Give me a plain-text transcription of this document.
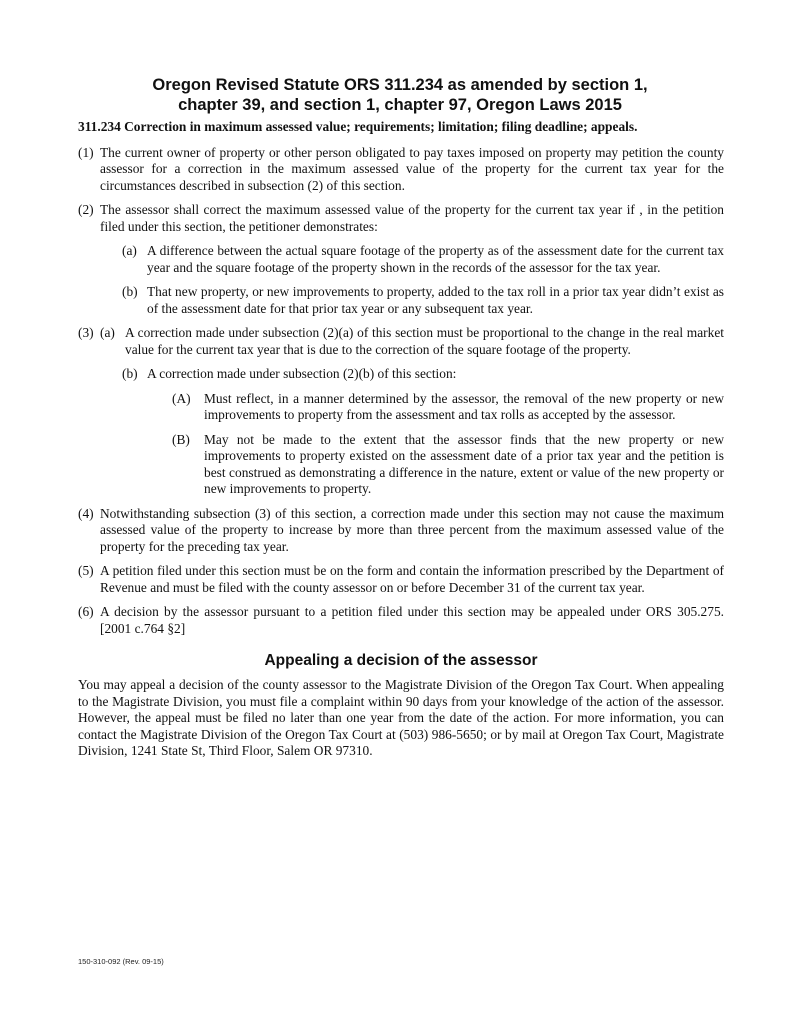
Oregon Revised Statute ORS 311.234 as amended by section 1,
chapter 39, and section 1, chapter 97, Oregon Laws 2015
311.234 Correction in maximum assessed value; requirements; limitation; filing deadline; appeals.
(1) The current owner of property or other person obligated to pay taxes imposed on property may petition the county assessor for a correction in the maximum assessed value of the property for the current tax year for the circumstances described in subsection (2) of this section.

(2) The assessor shall correct the maximum assessed value of the property for the current tax year if , in the petition filed under this section, the petitioner demonstrates:

(a) A difference between the actual square footage of the property as of the assessment date for the current tax year and the square footage of the property shown in the records of the assessor for the tax year.

(b) That new property, or new improvements to property, added to the tax roll in a prior tax year didn’t exist as of the assessment date for that prior tax year or any subsequent tax year.

(3) (a) A correction made under subsection (2)(a) of this section must be proportional to the change in the real market value for the current tax year that is due to the correction of the square footage of the property.

(b) A correction made under subsection (2)(b) of this section:

(A) Must reflect, in a manner determined by the assessor, the removal of the new property or new improvements to property from the assessment and tax rolls as accepted by the assessor.

(B) May not be made to the extent that the assessor finds that the new property or new improvements to property existed on the assessment date of a prior tax year and the petition is best construed as demonstrating a difference in the nature, extent or value of the new property or new improvements to property.

(4) Notwithstanding subsection (3) of this section, a correction made under this section may not cause the maximum assessed value of the property to increase by more than three percent from the maximum assessed value of the property for the preceding tax year.

(5) A petition filed under this section must be on the form and contain the information prescribed by the Department of Revenue and must be filed with the county assessor on or before December 31 of the current tax year.

(6) A decision by the assessor pursuant to a petition filed under this section may be appealed under ORS 305.275. [2001 c.764 §2]

Appealing a decision of the assessor

You may appeal a decision of the county assessor to the Magistrate Division of the Oregon Tax Court. When appealing to the Magistrate Division, you must file a complaint within 90 days from your knowledge of the action of the assessor. However, the appeal must be filed no later than one year from the date of the action. For more information, you can contact the Magistrate Division of the Oregon Tax Court at (503) 986-5650; or by mail at Oregon Tax Court, Magistrate Division, 1241 State St, Third Floor, Salem OR 97310.

150-310-092 (Rev. 09-15)
